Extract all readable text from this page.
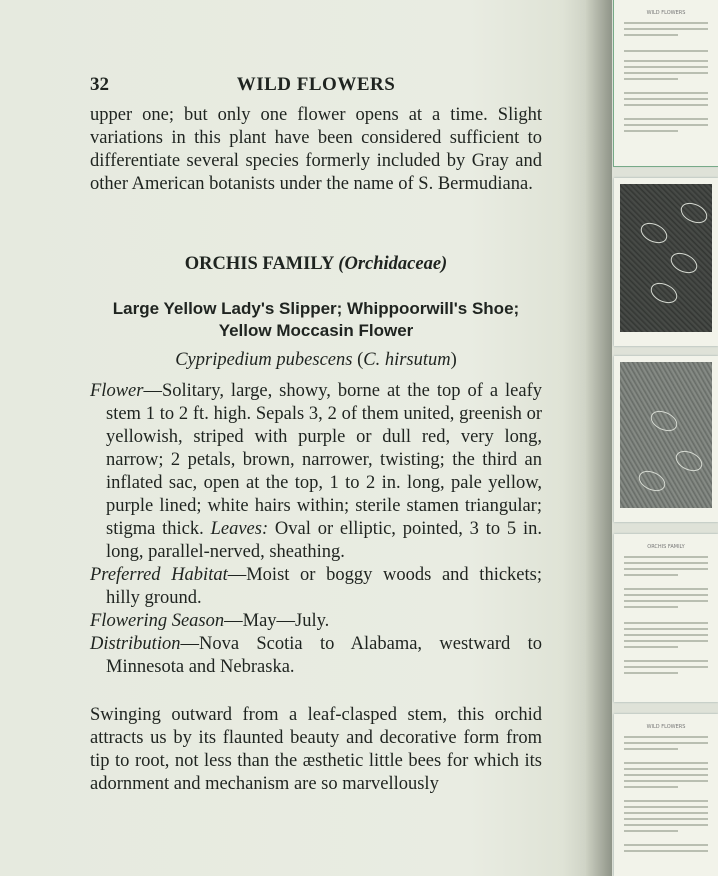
32	WILD FLOWERS
upper one; but only one flower opens at a time. Slight variations in this plant have been considered sufficient to differentiate several species formerly included by Gray and other American botanists under the name of S. Bermudiana.
ORCHIS FAMILY (Orchidaceae)
Large Yellow Lady's Slipper; Whippoorwill's Shoe;
Yellow Moccasin Flower
Cypripedium pubescens (C. hirsutum)

Flower—Solitary, large, showy, borne at the top of a leafy stem 1 to 2 ft. high. Sepals 3, 2 of them united, greenish or yellowish, striped with purple or dull red, very long, narrow; 2 petals, brown, narrower, twisting; the third an inflated sac, open at the top, 1 to 2 in. long, pale yellow, purple lined; white hairs within; sterile stamen triangular; stigma thick. Leaves: Oval or elliptic, pointed, 3 to 5 in. long, parallel-nerved, sheathing.

Preferred Habitat—Moist or boggy woods and thickets; hilly ground.

Flowering Season—May—July.

Distribution—Nova Scotia to Alabama, westward to Minnesota and Nebraska.

Swinging outward from a leaf-clasped stem, this orchid attracts us by its flaunted beauty and decorative form from tip to root, not less than the æsthetic little bees for which its adornment and mechanism are so marvellously
WILD FLOWERS
ORCHIS FAMILY
WILD FLOWERS
